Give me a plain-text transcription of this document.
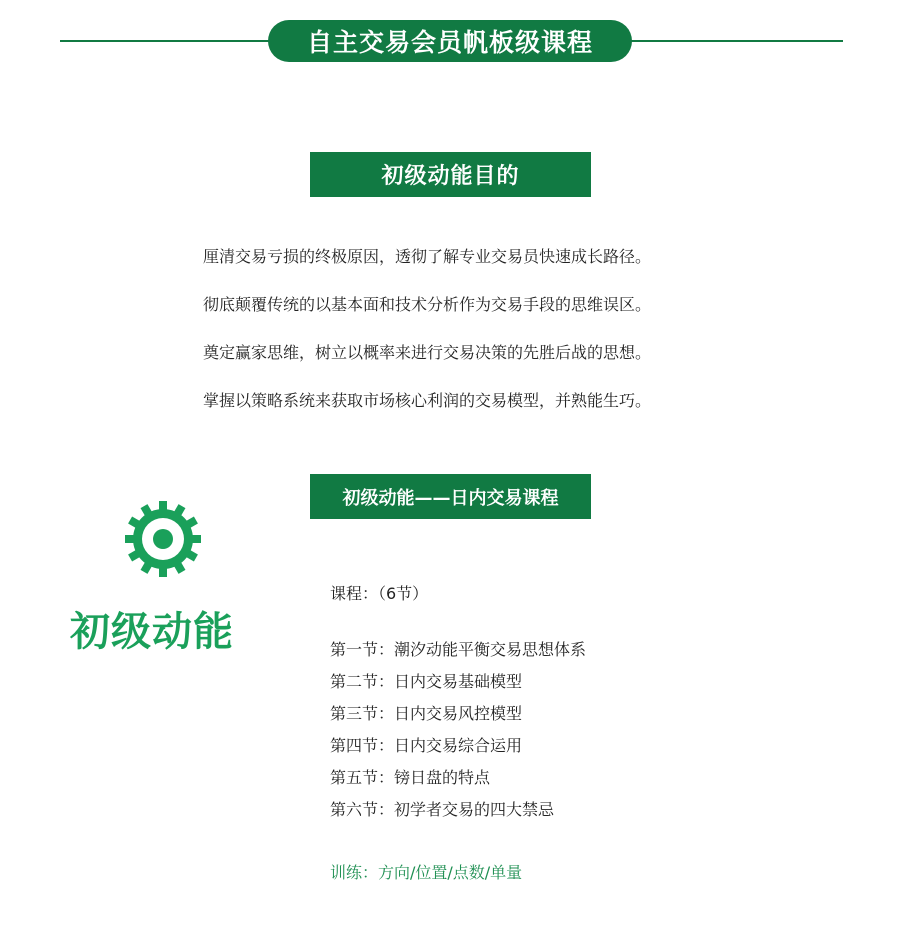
自主交易会员帆板级课程
初级动能目的
厘清交易亏损的终极原因，透彻了解专业交易员快速成长路径。
彻底颠覆传统的以基本面和技术分析作为交易手段的思维误区。
奠定赢家思维，树立以概率来进行交易决策的先胜后战的思想。
掌握以策略系统来获取市场核心利润的交易模型，并熟能生巧。
初级动能——日内交易课程
初级动能
课程：（6节）
第一节：潮汐动能平衡交易思想体系
第二节：日内交易基础模型
第三节：日内交易风控模型
第四节：日内交易综合运用
第五节：镑日盘的特点
第六节：初学者交易的四大禁忌
训练：方向/位置/点数/单量
